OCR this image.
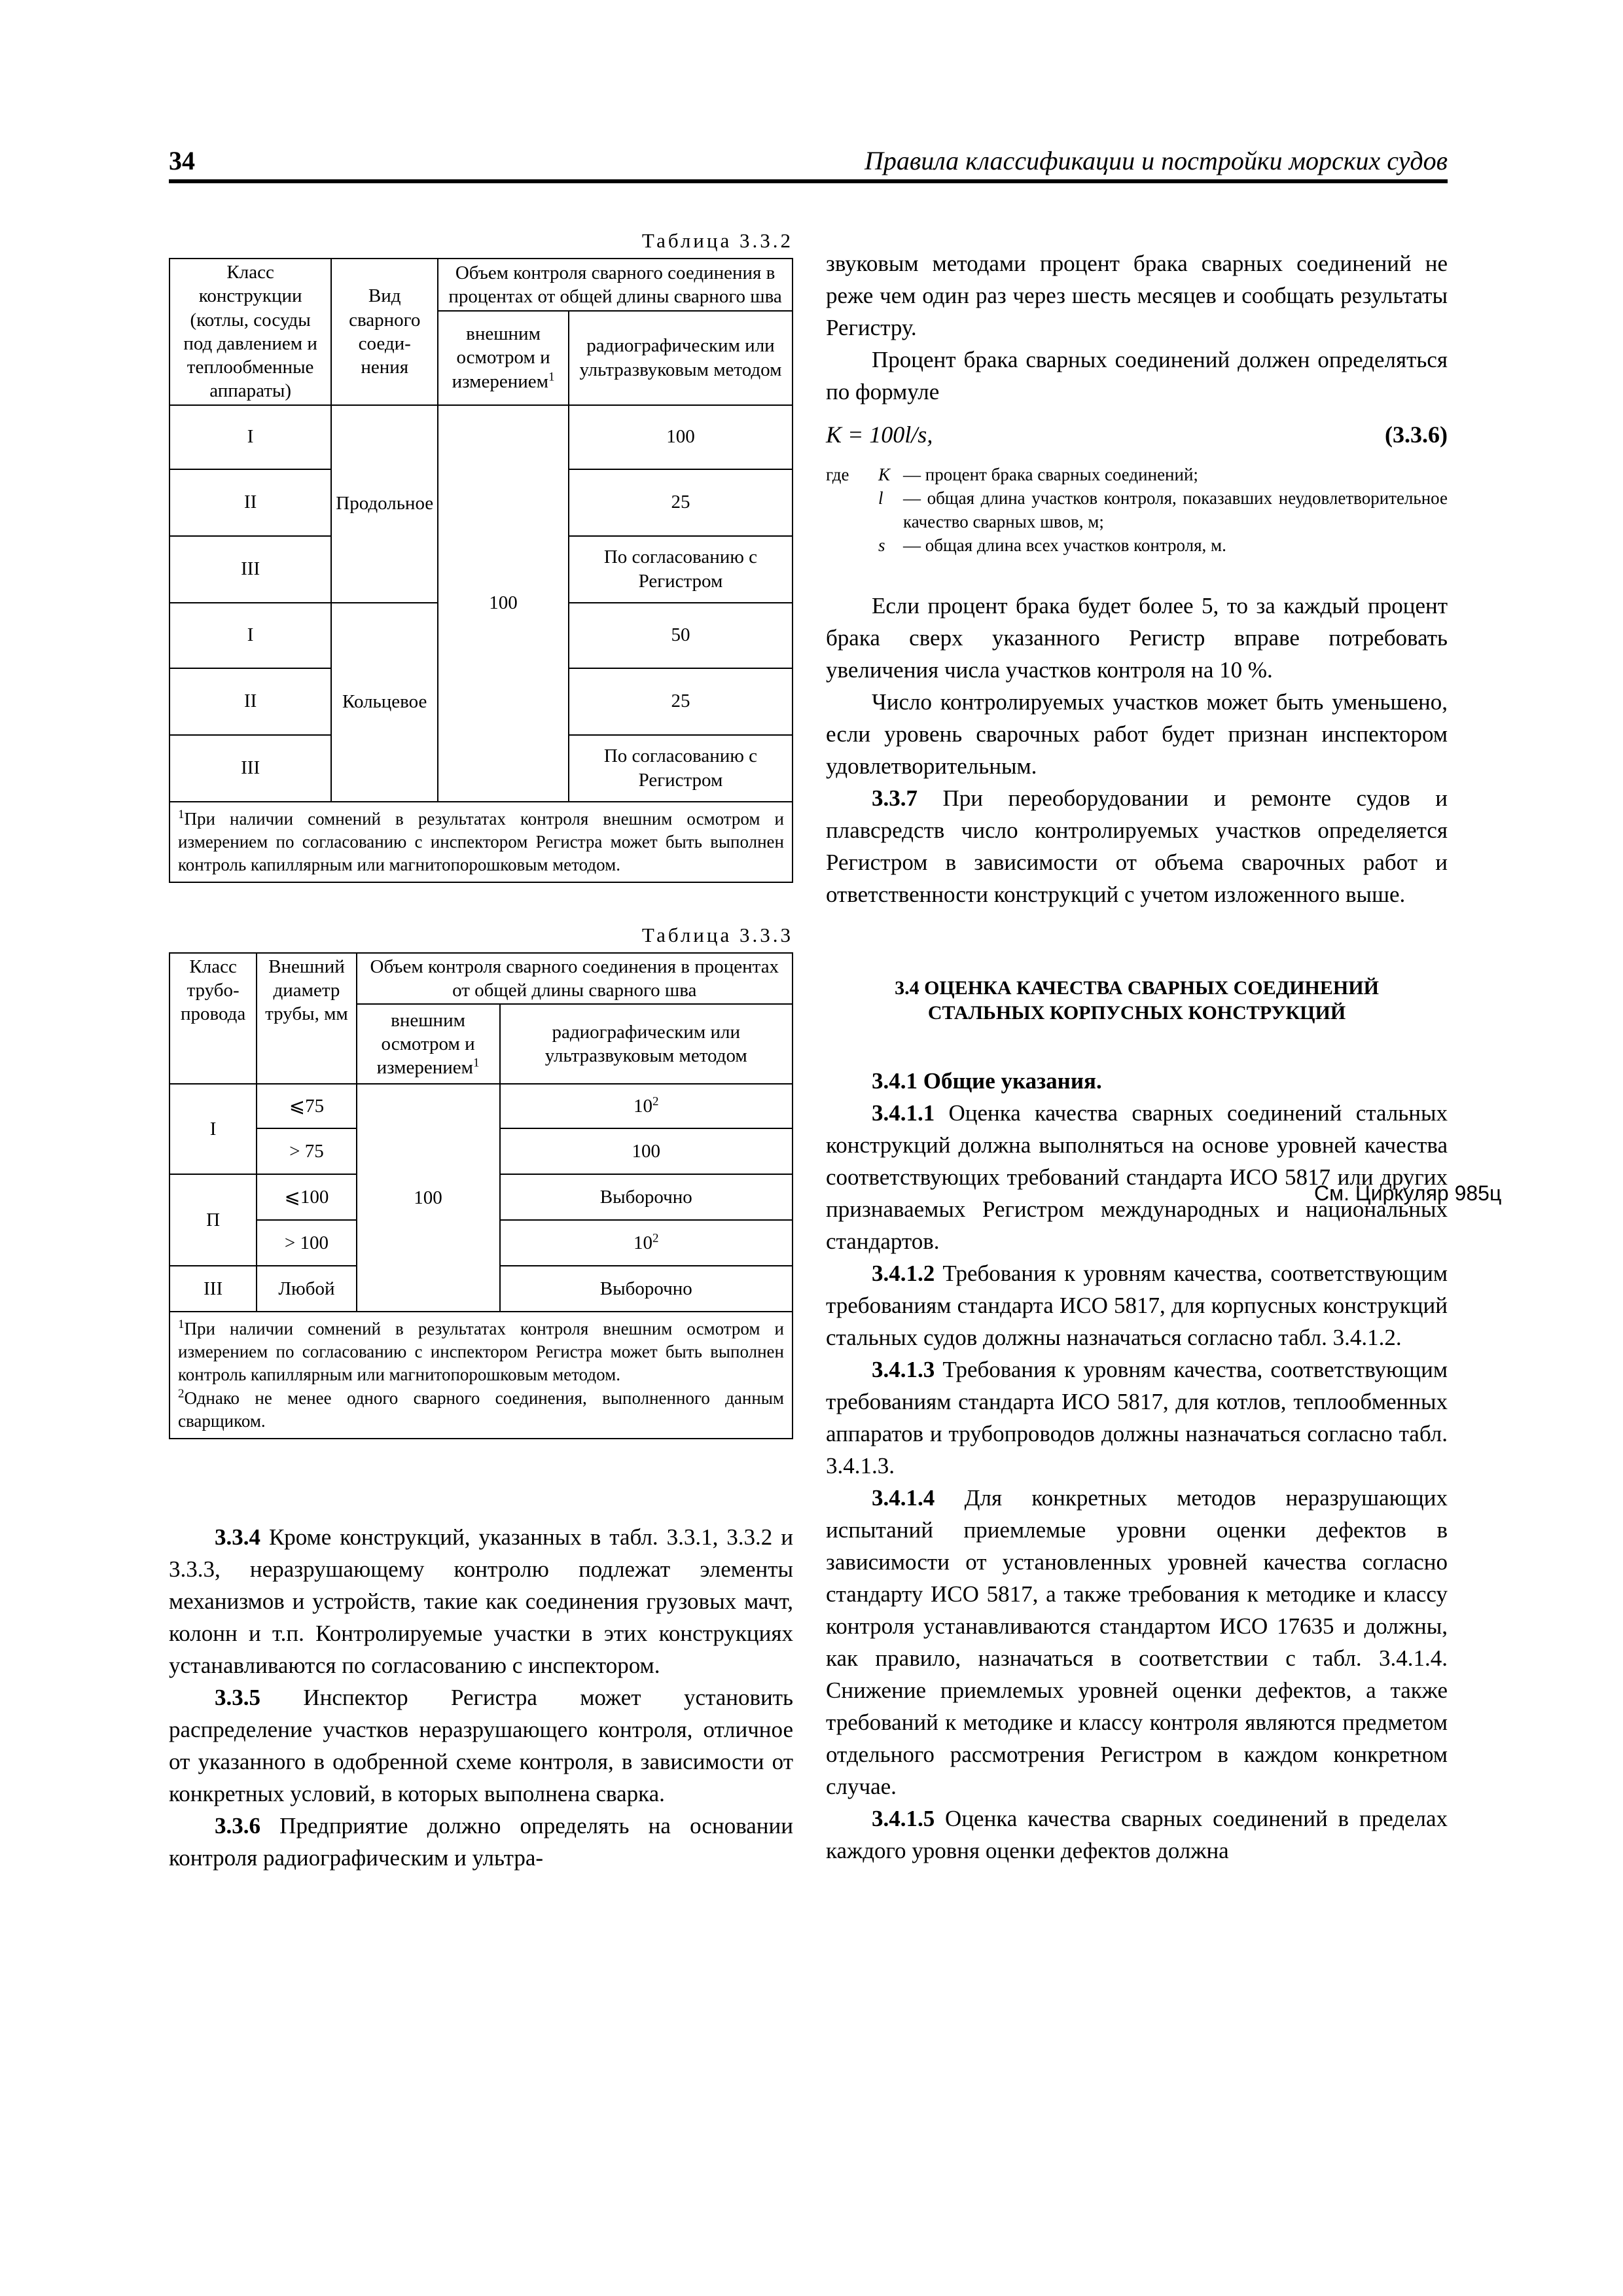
34	Правила классификации и постройки морских судов
Таблица 3.3.2
Класс конструкции (котлы, сосуды под давлением и теплообменные аппараты)	Вид сварного соеди-нения	Объем контроля сварного соединения в процентах от общей длины сварного шва	
		внешним осмотром и измерением$^1$	радиографическим или ультразвуковым методом
I	Продольное	100	100
II			25
III			По согласованию с Регистром
I	Кольцевое		50
II			25
III			По согласованию с Регистром
$^1$При наличии сомнений в результатах контроля внешним осмотром и измерением по согласованию с инспектором Регистра может быть выполнен контроль капиллярным или магнитопорошковым методом.			
Таблица 3.3.3
Класс трубо-провода	Внешний диаметр трубы, мм	Объем контроля сварного соединения в процентах от общей длины сварного шва	
		внешним осмотром и измерением$^1$	радиографическим или ультразвуковым методом
I	⩽75	100	$10^2$
	> 75		100
П	⩽100		Выборочно
	> 100		$10^2$
III	Любой		Выборочно

$^1$При наличии сомнений в результатах контроля внешним осмотром и измерением по согласованию с инспектором Регистра может быть выполнен контроль капиллярным или магнитопорошковым методом.
$^2$Однако не менее одного сварного соединения, выполненного данным сварщиком.			

3.3.4 Кроме конструкций, указанных в табл. 3.3.1, 3.3.2 и 3.3.3, неразрушающему контролю подлежат элементы механизмов и устройств, такие как соединения грузовых мачт, колонн и т.п. Контролируемые участки в этих конструкциях устанавливаются по согласованию с инспектором.

3.3.5 Инспектор Регистра может установить распределение участков неразрушающего контроля, отличное от указанного в одобренной схеме контроля, в зависимости от конкретных условий, в которых выполнена сварка.

3.3.6 Предприятие должно определять на основании контроля радиографическим и ультра-

звуковым методами процент брака сварных соединений не реже чем один раз через шесть месяцев и сообщать результаты Регистру.

Процент брака сварных соединений должен определяться по формуле

K = 100l/s,	(3.3.6)
где	K — процент брака сварных соединений;
l	— общая длина участков контроля, показавших неудовлетворительное качество сварных швов, м;
s	— общая длина всех участков контроля, м.

Если процент брака будет более 5, то за каждый процент брака сверх указанного Регистр вправе потребовать увеличения числа участков контроля на 10 %.

Число контролируемых участков может быть уменьшено, если уровень сварочных работ будет признан инспектором удовлетворительным.

3.3.7 При переоборудовании и ремонте судов и плавсредств число контролируемых участков определяется Регистром в зависимости от объема сварочных работ и ответственности конструкций с учетом изложенного выше.

3.4 ОЦЕНКА КАЧЕСТВА СВАРНЫХ СОЕДИНЕНИЙ
СТАЛЬНЫХ КОРПУСНЫХ КОНСТРУКЦИЙ
3.4.1 Общие указания.

3.4.1.1 Оценка качества сварных соединений стальных конструкций должна выполняться на основе уровней качества соответствующих требований стандарта ИСО 5817 или других признаваемых Регистром международных и национальных стандартов.

3.4.1.2 Требования к уровням качества, соответствующим требованиям стандарта ИСО 5817, для корпусных конструкций стальных судов должны назначаться согласно табл. 3.4.1.2.

3.4.1.3 Требования к уровням качества, соответствующим требованиям стандарта ИСО 5817, для котлов, теплообменных аппаратов и трубопроводов должны назначаться согласно табл. 3.4.1.3.

3.4.1.4 Для конкретных методов неразрушающих испытаний приемлемые уровни оценки дефектов в зависимости от установленных уровней качества согласно стандарту ИСО 5817, а также требования к методике и классу контроля устанавливаются стандартом ИСО 17635 и должны, как правило, назначаться в соответствии с табл. 3.4.1.4. Снижение приемлемых уровней оценки дефектов, а также требований к методике и классу контроля являются предметом отдельного рассмотрения Регистром в каждом конкретном случае.

3.4.1.5 Оценка качества сварных соединений в пределах каждого уровня оценки дефектов должна

См. Циркуляр 985ц
